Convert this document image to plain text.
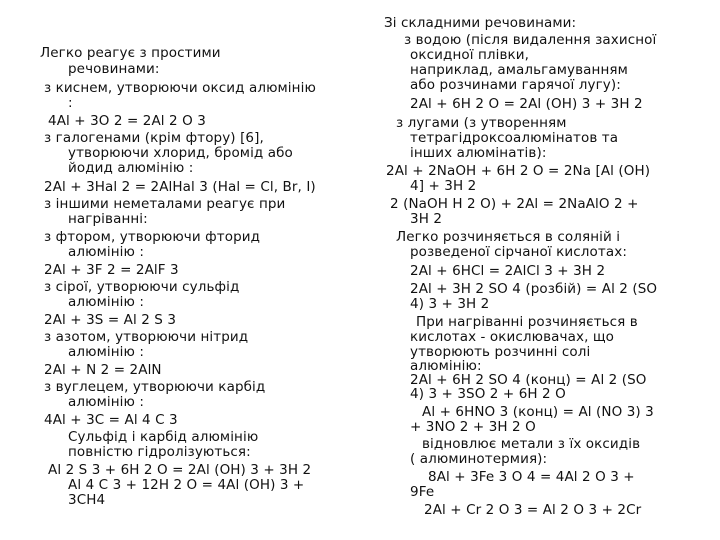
Легко реагує з простими
речовинами:
з киснем, утворюючи оксид алюмінію
:
4Al + 3O 2 = 2Al 2 O 3
з галогенами (крім фтору) [6],
утворюючи хлорид, бромід або
йодид алюмінію :
2Al + 3Hal 2 = 2AlHal 3 (Hal = Cl, Br, I)
з іншими неметалами реагує при
нагріванні:
з фтором, утворюючи фторид
алюмінію :
2Al + 3F 2 = 2AlF 3
з сірої, утворюючи сульфід
алюмінію :
2Al + 3S = Al 2 S 3
з азотом, утворюючи нітрид
алюмінію :
2Al + N 2 = 2AlN
з вуглецем, утворюючи карбід
алюмінію :
4Al + 3C = Al 4 C 3
Сульфід і карбід алюмінію
повністю гідролізуються:
Al 2 S 3 + 6H 2 O = 2Al (OH) 3 + 3H 2
Al 4 C 3 + 12H 2 O = 4Al (OH) 3 +
3CH4
Зі складними речовинами:
з водою (після видалення захисної
оксидної плівки,
наприклад, амальгамуванням
або розчинами гарячої лугу):
2Al + 6H 2 O = 2Al (OH) 3 + 3H 2
з лугами (з утворенням
тетрагідроксоалюмінатов та
інших алюмінатів):
2Al + 2NaOH + 6H 2 O = 2Na [Al (OH)
4] + 3H 2
2 (NaOH H 2 O) + 2Al = 2NaAlO 2 +
3H 2
Легко розчиняється в соляній і
розведеної сірчаної кислотах:
2Al + 6HCl = 2AlCl 3 + 3H 2
2Al + 3H 2 SO 4 (розбій) = Al 2 (SO
4) 3 + 3H 2
При нагріванні розчиняється в
кислотах - окислювачах, що
утворюють розчинні солі
алюмінію:
2Al + 6H 2 SO 4 (конц) = Al 2 (SO
4) 3 + 3SO 2 + 6H 2 O
Al + 6HNO 3 (конц) = Al (NO 3) 3
+ 3NO 2 + 3H 2 O
відновлює метали з їх оксидів
( алюминотермия):
8Al + 3Fe 3 O 4 = 4Al 2 O 3 +
9Fe
2Al + Cr 2 O 3 = Al 2 O 3 + 2Cr
